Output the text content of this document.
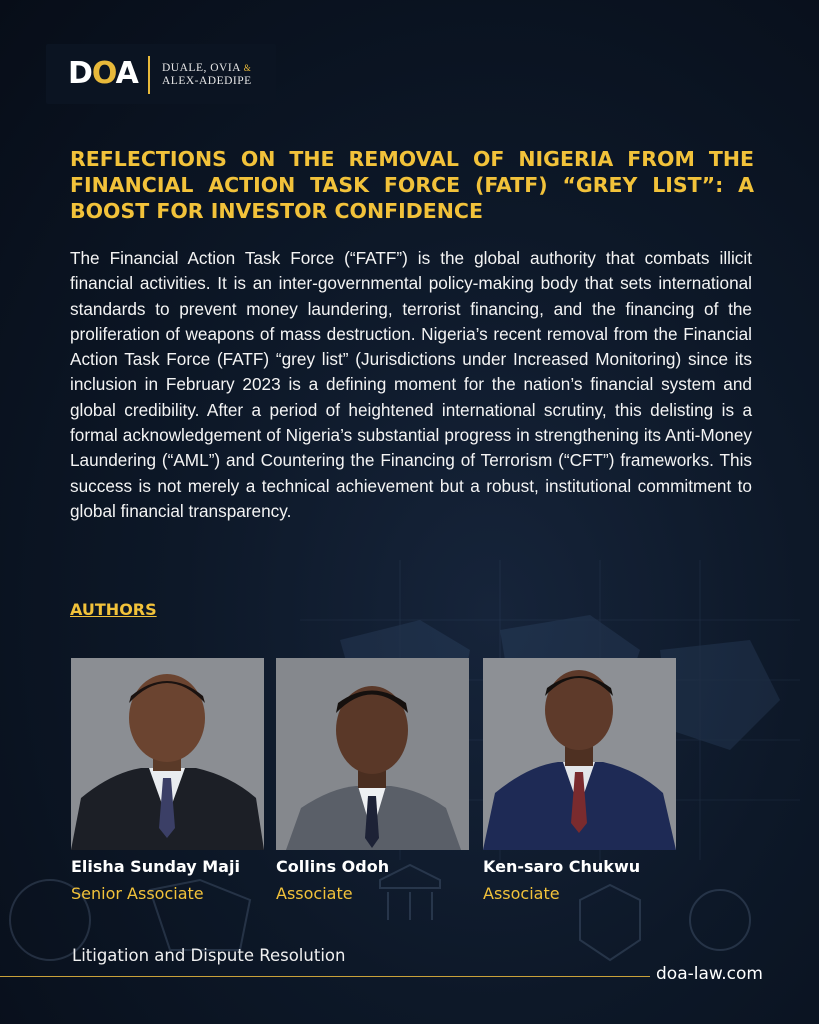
DOA DUALE, OVIA &
ALEX-ADEDIPE
REFLECTIONS ON THE REMOVAL OF NIGERIA FROM THE FINANCIAL ACTION TASK FORCE (FATF) “GREY LIST”: A BOOST FOR INVESTOR CONFIDENCE

The Financial Action Task Force (“FATF”) is the global authority that combats illicit financial activities. It is an inter-governmental policy-making body that sets international standards to prevent money laundering, terrorist financing, and the financing of the proliferation of weapons of mass destruction. Nigeria’s recent removal from the Financial Action Task Force (FATF) “grey list” (Jurisdictions under Increased Monitoring) since its inclusion in February 2023 is a defining moment for the nation’s financial system and global credibility. After a period of heightened international scrutiny, this delisting is a formal acknowledgement of Nigeria’s substantial progress in strengthening its Anti-Money Laundering (“AML”) and Countering the Financing of Terrorism (“CFT”) frameworks. This success is not merely a technical achievement but a robust, institutional commitment to global financial transparency.

AUTHORS
Elisha Sunday Maji
Senior Associate
Collins Odoh
Associate
Ken-saro Chukwu
Associate
Litigation and Dispute Resolution
doa-law.com
